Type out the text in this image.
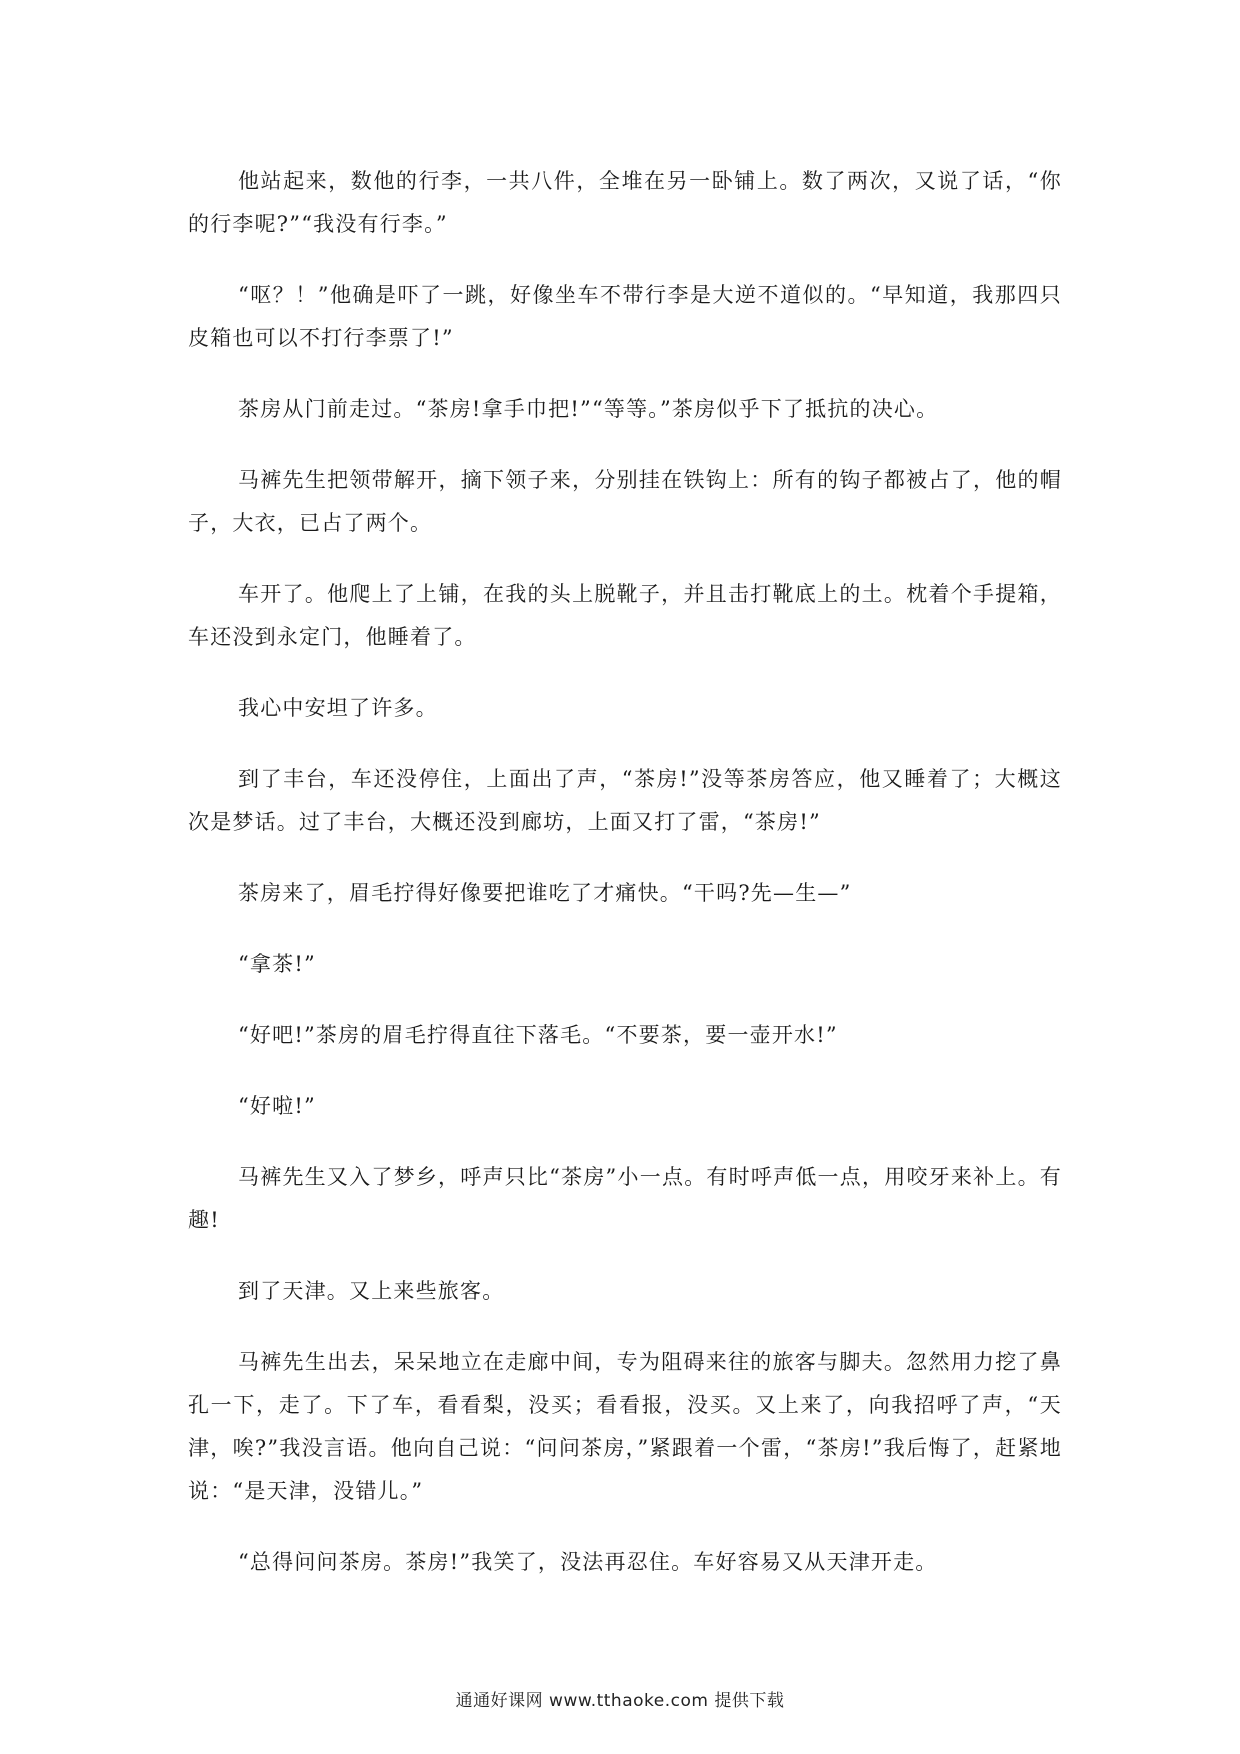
他站起来，数他的行李，一共八件，全堆在另一卧铺上。数了两次，又说了话，“你的行李呢?”“我没有行李。”

“呕？！”他确是吓了一跳，好像坐车不带行李是大逆不道似的。“早知道，我那四只皮箱也可以不打行李票了!”

茶房从门前走过。“茶房!拿手巾把!”“等等。”茶房似乎下了抵抗的决心。

马裤先生把领带解开，摘下领子来，分别挂在铁钩上：所有的钩子都被占了，他的帽子，大衣，已占了两个。

车开了。他爬上了上铺，在我的头上脱靴子，并且击打靴底上的土。枕着个手提箱，车还没到永定门，他睡着了。

我心中安坦了许多。

到了丰台，车还没停住，上面出了声，“茶房!”没等茶房答应，他又睡着了；大概这次是梦话。过了丰台，大概还没到廊坊，上面又打了雷，“茶房!”

茶房来了，眉毛拧得好像要把谁吃了才痛快。“干吗?先—生—”

“拿茶!”

“好吧!”茶房的眉毛拧得直往下落毛。“不要茶，要一壶开水!”

“好啦!”

马裤先生又入了梦乡，呼声只比“茶房”小一点。有时呼声低一点，用咬牙来补上。有趣!

到了天津。又上来些旅客。

马裤先生出去，呆呆地立在走廊中间，专为阻碍来往的旅客与脚夫。忽然用力挖了鼻孔一下，走了。下了车，看看梨，没买；看看报，没买。又上来了，向我招呼了声，“天津，唉?”我没言语。他向自己说：“问问茶房，”紧跟着一个雷，“茶房!”我后悔了，赶紧地说：“是天津，没错儿。”

“总得问问茶房。茶房!”我笑了，没法再忍住。车好容易又从天津开走。

通通好课网 www.tthaoke.com 提供下载
